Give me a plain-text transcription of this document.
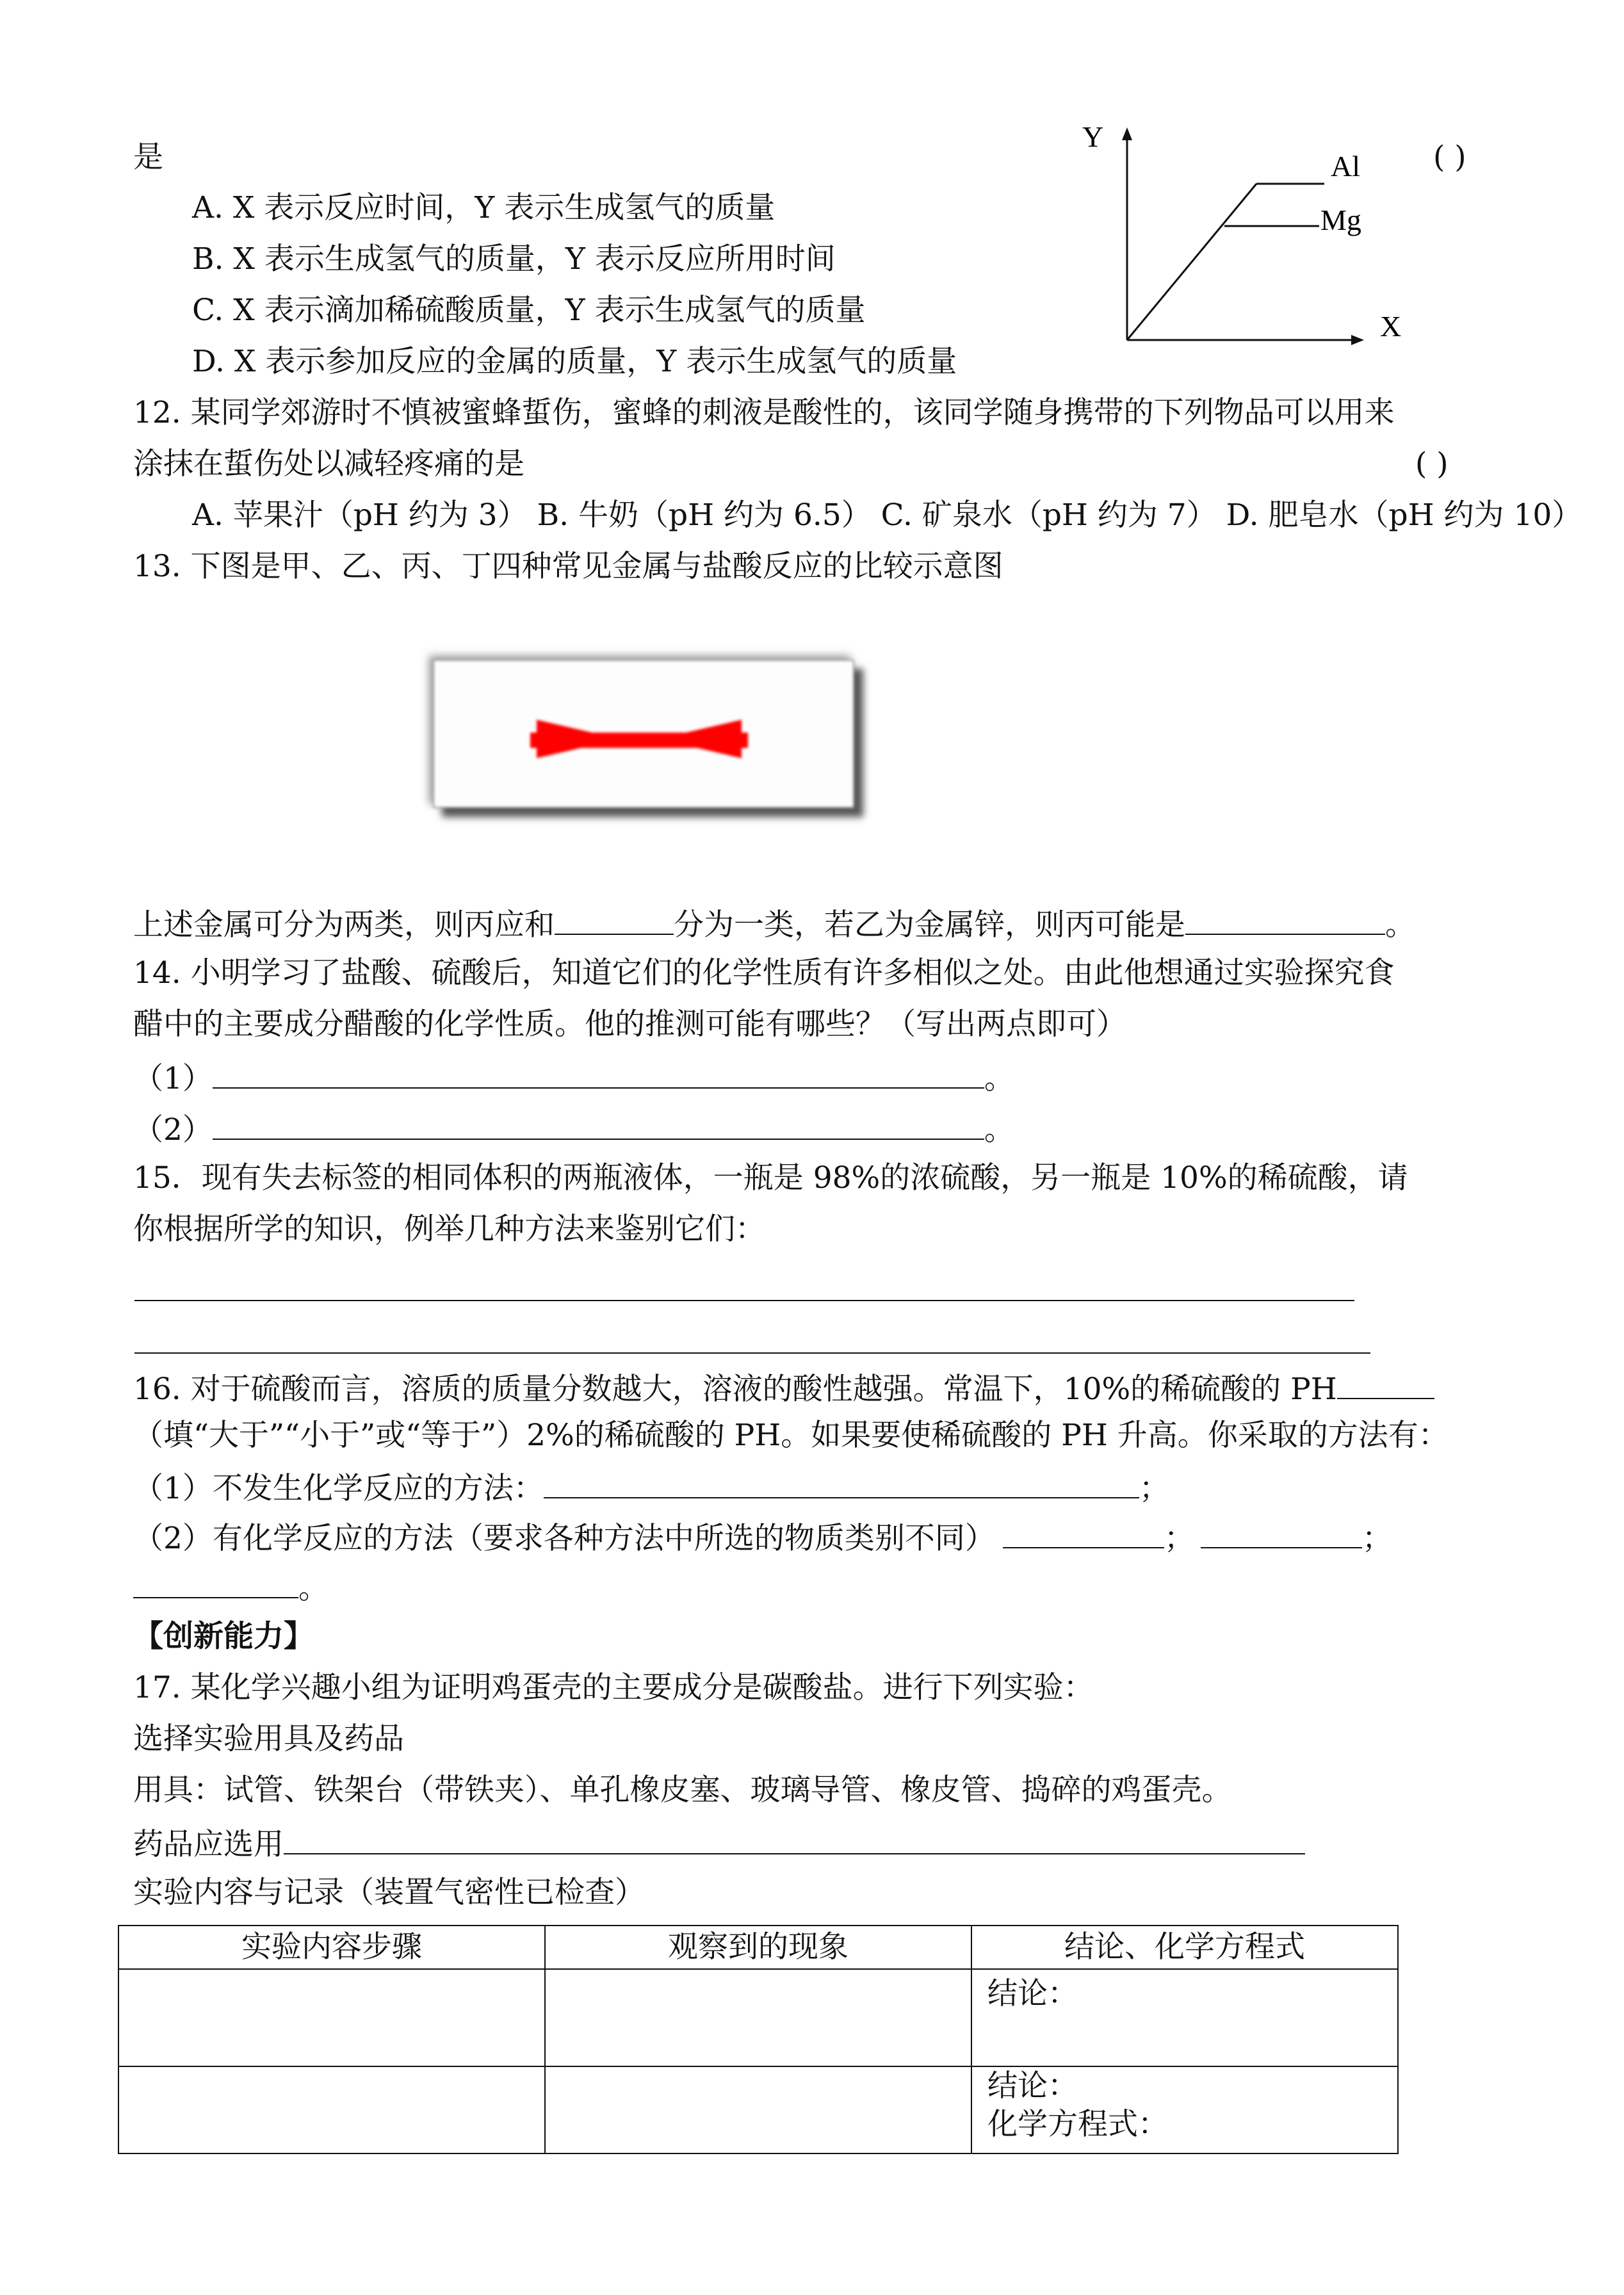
是	( )
A. X 表示反应时间，Y 表示生成氢气的质量
B. X 表示生成氢气的质量，Y 表示反应所用时间
C. X 表示滴加稀硫酸质量，Y 表示生成氢气的质量
D. X 表示参加反应的金属的质量，Y 表示生成氢气的质量
Y
X
Al
Mg
12. 某同学郊游时不慎被蜜蜂蜇伤，蜜蜂的刺液是酸性的，该同学随身携带的下列物品可以用来
涂抹在蜇伤处以减轻疼痛的是	( )
A. 苹果汁（pH 约为 3） B. 牛奶（pH 约为 6.5） C. 矿泉水（pH 约为 7） D. 肥皂水（pH 约为 10）
13. 下图是甲、乙、丙、丁四种常见金属与盐酸反应的比较示意图
上述金属可分为两类，则丙应和	分为一类，若乙为金属锌，则丙可能是	。
14. 小明学习了盐酸、硫酸后，知道它们的化学性质有许多相似之处。由此他想通过实验探究食
醋中的主要成分醋酸的化学性质。他的推测可能有哪些？（写出两点即可）
（1）	。
（2）	。
15．现有失去标签的相同体积的两瓶液体，一瓶是 98%的浓硫酸，另一瓶是 10%的稀硫酸，请
你根据所学的知识，例举几种方法来鉴别它们：
16. 对于硫酸而言，溶质的质量分数越大，溶液的酸性越强。常温下，10%的稀硫酸的 PH
（填“大于”“小于”或“等于”）2%的稀硫酸的 PH。如果要使稀硫酸的 PH 升高。你采取的方法有：
（1）不发生化学反应的方法：	；
（2）有化学反应的方法（要求各种方法中所选的物质类别不同）	；	；
。
【创新能力】
17. 某化学兴趣小组为证明鸡蛋壳的主要成分是碳酸盐。进行下列实验：
选择实验用具及药品
用具：试管、铁架台（带铁夹）、单孔橡皮塞、玻璃导管、橡皮管、捣碎的鸡蛋壳。
药品应选用
实验内容与记录（装置气密性已检查）
实验内容步骤	观察到的现象	结论、化学方程式
		结论：

		结论：
化学方程式：
